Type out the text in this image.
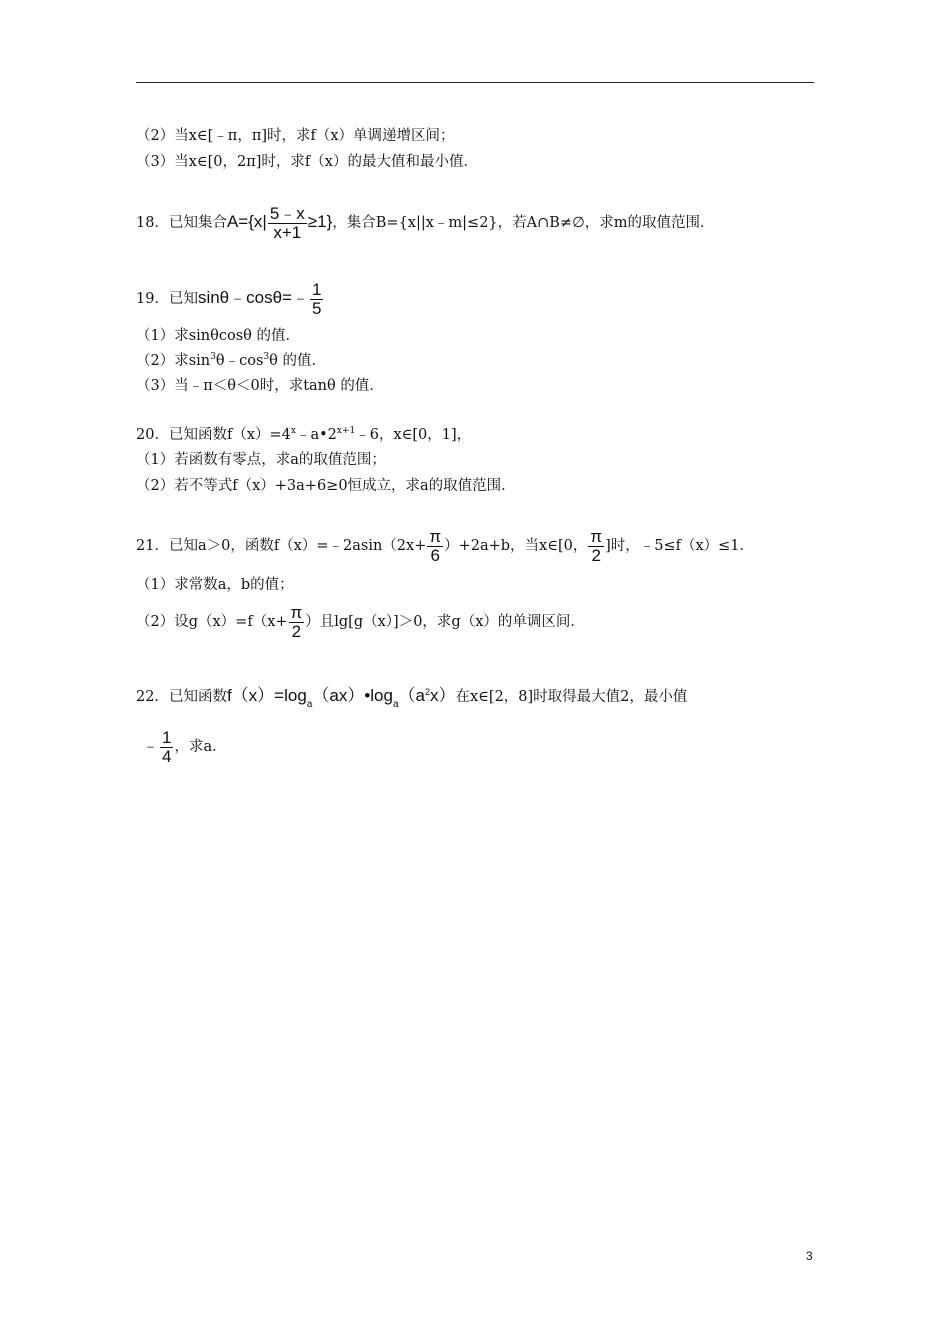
（2）当x∈[﹣π，π]时，求f（x）单调递增区间；
（3）当x∈[0，2π]时，求f（x）的最大值和最小值．
18．已知集合$A=\{x| \frac{5﹣x}{x+1} \ge 1\}$，集合B={x||x﹣m|≤2}，若A∩B≠∅，求m的取值范围．
19．已知sinθ﹣cosθ=﹣ $\frac{1}{5}$
（1）求sinθcosθ 的值．
（2）求$\sin^3\theta﹣\cos^3\theta$ 的值．
（3）当﹣π＜θ＜0时，求tanθ 的值．
20．已知函数$f(x)=4^x﹣a•2^{x+1}﹣6$，x∈[0，1]，
（1）若函数有零点，求a的取值范围；
（2）若不等式f（x）+3a+6≥0恒成立，求a的取值范围．
21．已知a＞0，函数f（x）=﹣2asin（2x+ $\frac{\pi}{6} )+2a+b$，当x∈[0， $\frac{\pi}{2}$ ]时，﹣5≤f（x）≤1．
（1）求常数a，b的值；
（2）设$g(x)=f(x+ \frac{\pi}{2}$ ）且lg[g（x）]＞0，求g（x）的单调区间．
22．已知函数$f(x)=\log_a(ax)•\log_a(a^2x)$在x∈[2，8]时取得最大值2，最小值
﹣ $\frac{1}{4}$ ，求a．
3
